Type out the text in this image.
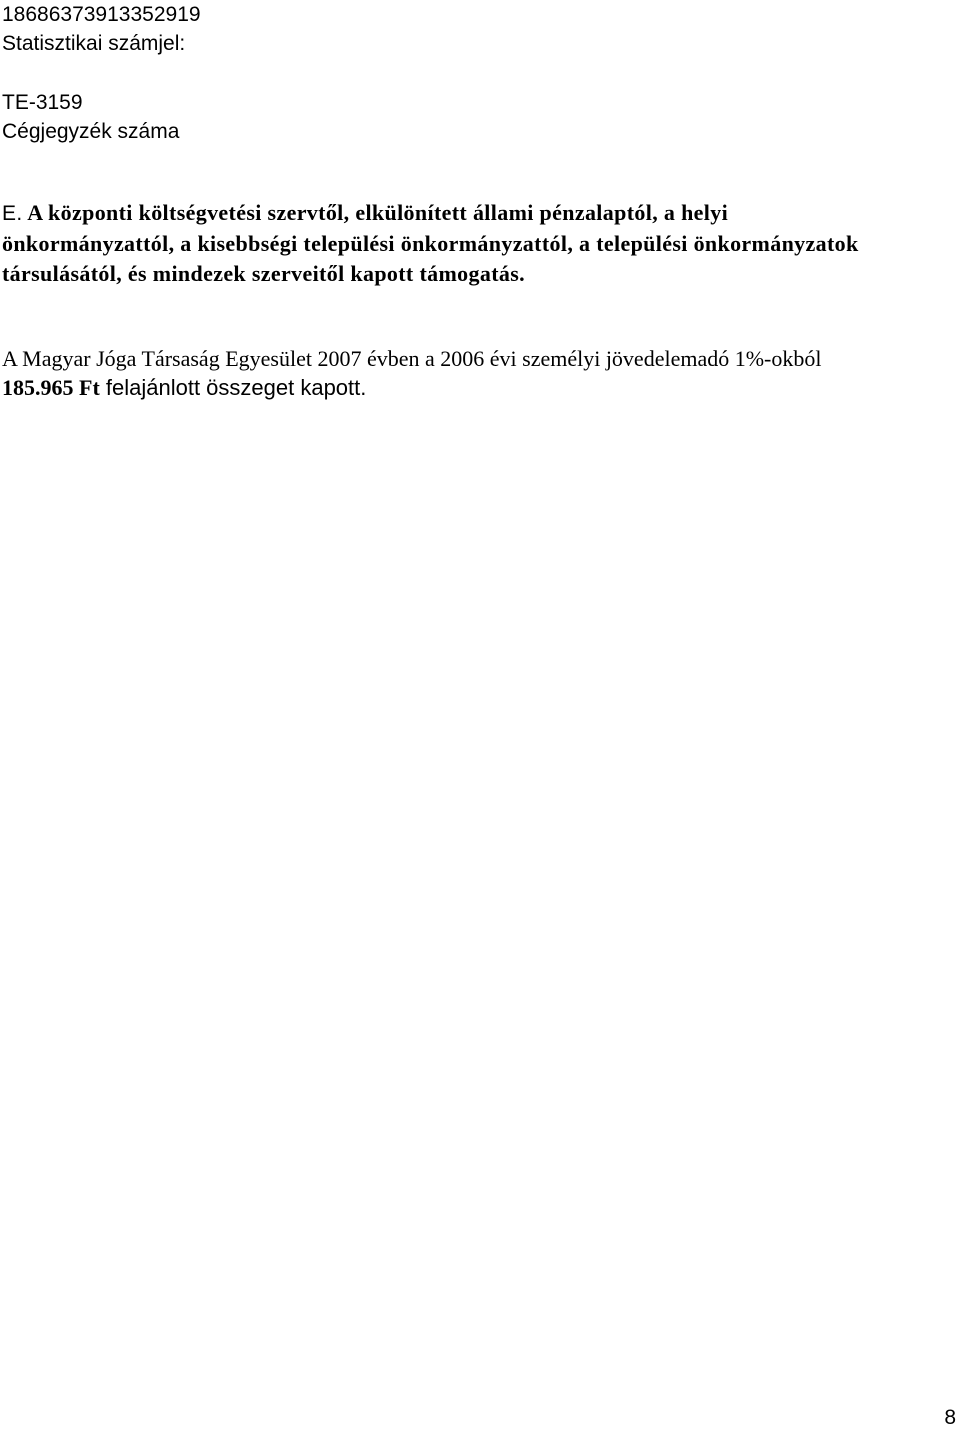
18686373913352919
Statisztikai számjel:
TE-3159
Cégjegyzék száma
E. A központi költségvetési szervtől, elkülönített állami pénzalaptól, a helyi
önkormányzattól, a kisebbségi települési önkormányzattól, a települési önkormányzatok
társulásától, és mindezek szerveitől kapott támogatás.
A Magyar Jóga Társaság Egyesület 2007 évben a 2006 évi személyi jövedelemadó 1%-okból
185.965 Ft felajánlott összeget kapott.
8
